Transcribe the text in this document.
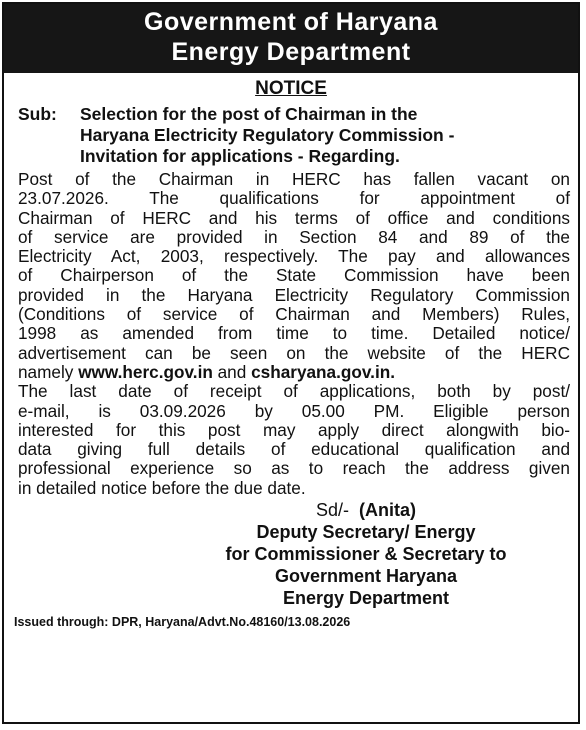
Government of Haryana
Energy Department
NOTICE
Sub:	Selection for the post of Chairman in the
Haryana Electricity Regulatory Commission -
Invitation for applications - Regarding.
Post of the Chairman in HERC has fallen vacant on
23.07.2026. The qualifications for appointment of
Chairman of HERC and his terms of office and conditions
of service are provided in Section 84 and 89 of the
Electricity Act, 2003, respectively. The pay and allowances
of Chairperson of the State Commission have been
provided in the Haryana Electricity Regulatory Commission
(Conditions of service of Chairman and Members) Rules,
1998 as amended from time to time. Detailed notice/
advertisement can be seen on the website of the HERC
namely www.herc.gov.in and csharyana.gov.in.
The last date of receipt of applications, both by post/
e-mail, is 03.09.2026 by 05.00 PM. Eligible person
interested for this post may apply direct alongwith bio-
data giving full details of educational qualification and
professional experience so as to reach the address given
in detailed notice before the due date.
Sd/- (Anita)
Deputy Secretary/ Energy
for Commissioner & Secretary to
Government Haryana
Energy Department
Issued through: DPR, Haryana/Advt.No.48160/13.08.2026
